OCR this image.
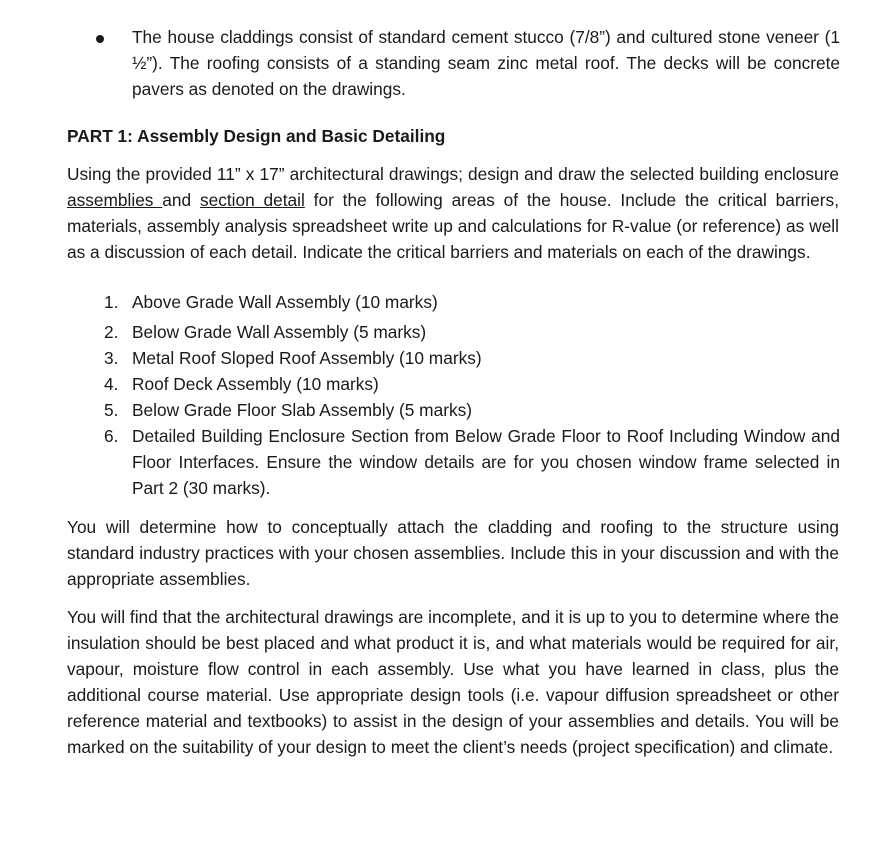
The house claddings consist of standard cement stucco (7/8”) and cultured stone veneer (1 ½”). The roofing consists of a standing seam zinc metal roof. The decks will be concrete pavers as denoted on the drawings.
PART 1: Assembly Design and Basic Detailing

Using the provided 11” x 17” architectural drawings; design and draw the selected building enclosure assemblies and section detail for the following areas of the house. Include the critical barriers, materials, assembly analysis spreadsheet write up and calculations for R-value (or reference) as well as a discussion of each detail. Indicate the critical barriers and materials on each of the drawings.

1. Above Grade Wall Assembly (10 marks)
2. Below Grade Wall Assembly (5 marks)
3. Metal Roof Sloped Roof Assembly (10 marks)
4. Roof Deck Assembly (10 marks)
5. Below Grade Floor Slab Assembly (5 marks)
6. Detailed Building Enclosure Section from Below Grade Floor to Roof Including Window and Floor Interfaces. Ensure the window details are for you chosen window frame selected in Part 2 (30 marks).

You will determine how to conceptually attach the cladding and roofing to the structure using standard industry practices with your chosen assemblies. Include this in your discussion and with the appropriate assemblies.

You will find that the architectural drawings are incomplete, and it is up to you to determine where the insulation should be best placed and what product it is, and what materials would be required for air, vapour, moisture flow control in each assembly. Use what you have learned in class, plus the additional course material. Use appropriate design tools (i.e. vapour diffusion spreadsheet or other reference material and textbooks) to assist in the design of your assemblies and details. You will be marked on the suitability of your design to meet the client’s needs (project specification) and climate.
